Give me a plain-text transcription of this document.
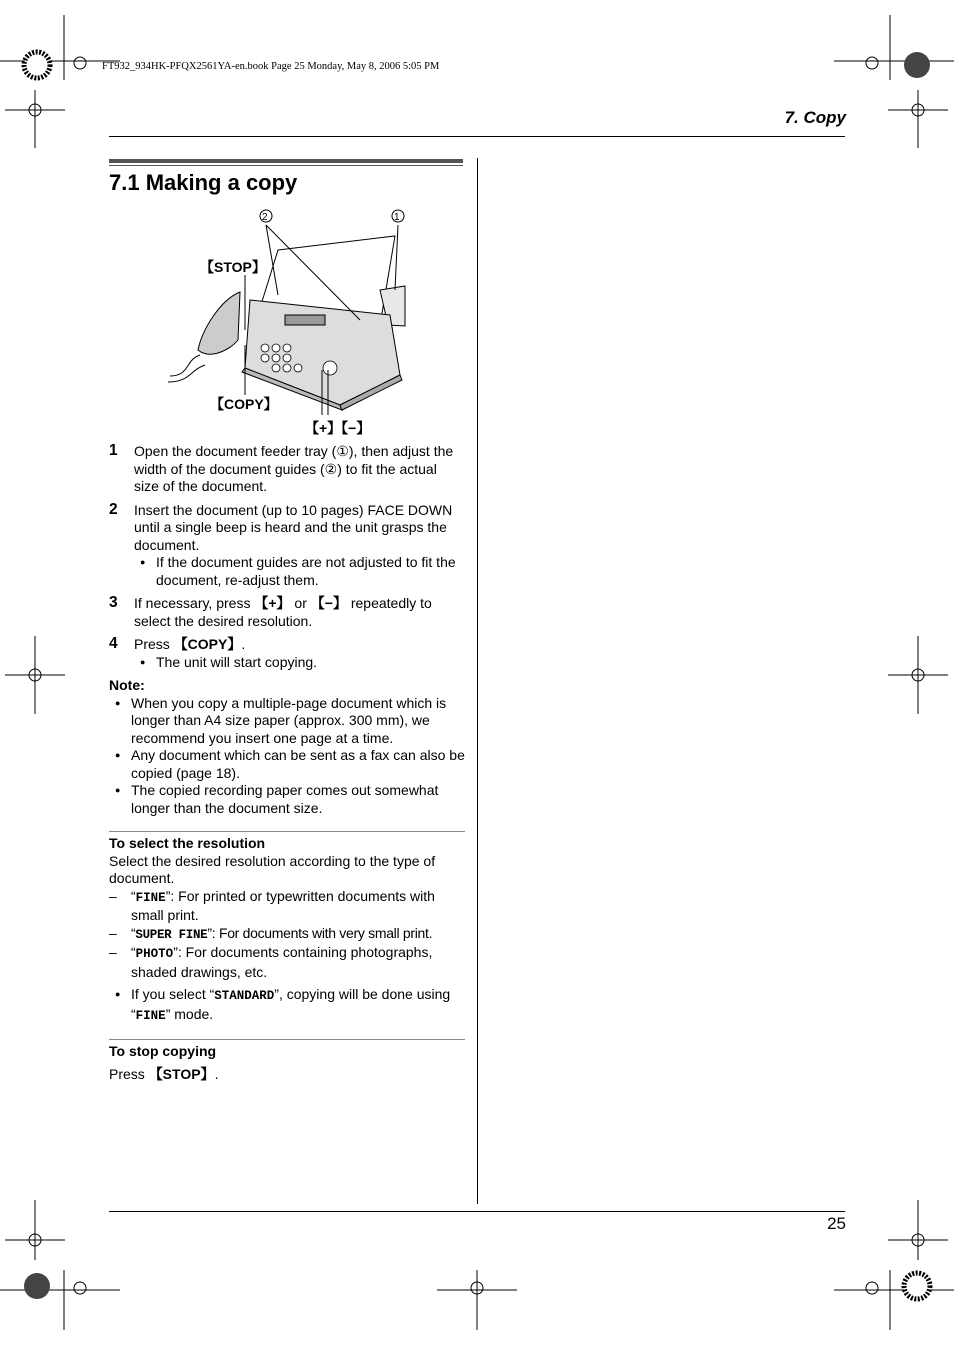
FT932_934HK-PFQX2561YA-en.book Page 25 Monday, May 8, 2006 5:05 PM
7. Copy
7.1 Making a copy
2	1
【STOP】
【COPY】
【+】【−】
1 Open the document feeder tray (①), then adjust the width of the document guides (②) to fit the actual size of the document.
2 Insert the document (up to 10 pages) FACE DOWN until a single beep is heard and the unit grasps the document.
● If the document guides are not adjusted to fit the document, re-adjust them.
3 If necessary, press 【+】 or 【−】 repeatedly to select the desired resolution.
4 Press 【COPY】.
● The unit will start copying.
Note:
● When you copy a multiple-page document which is longer than A4 size paper (approx. 300 mm), we recommend you insert one page at a time.
● Any document which can be sent as a fax can also be copied (page 18).
● The copied recording paper comes out somewhat longer than the document size.
To select the resolution
Select the desired resolution according to the type of document.
– “FINE”: For printed or typewritten documents with small print.
– “SUPER FINE”: For documents with very small print.
– “PHOTO”: For documents containing photographs, shaded drawings, etc.
● If you select “STANDARD”, copying will be done using “FINE” mode.
To stop copying
Press 【STOP】.
25
